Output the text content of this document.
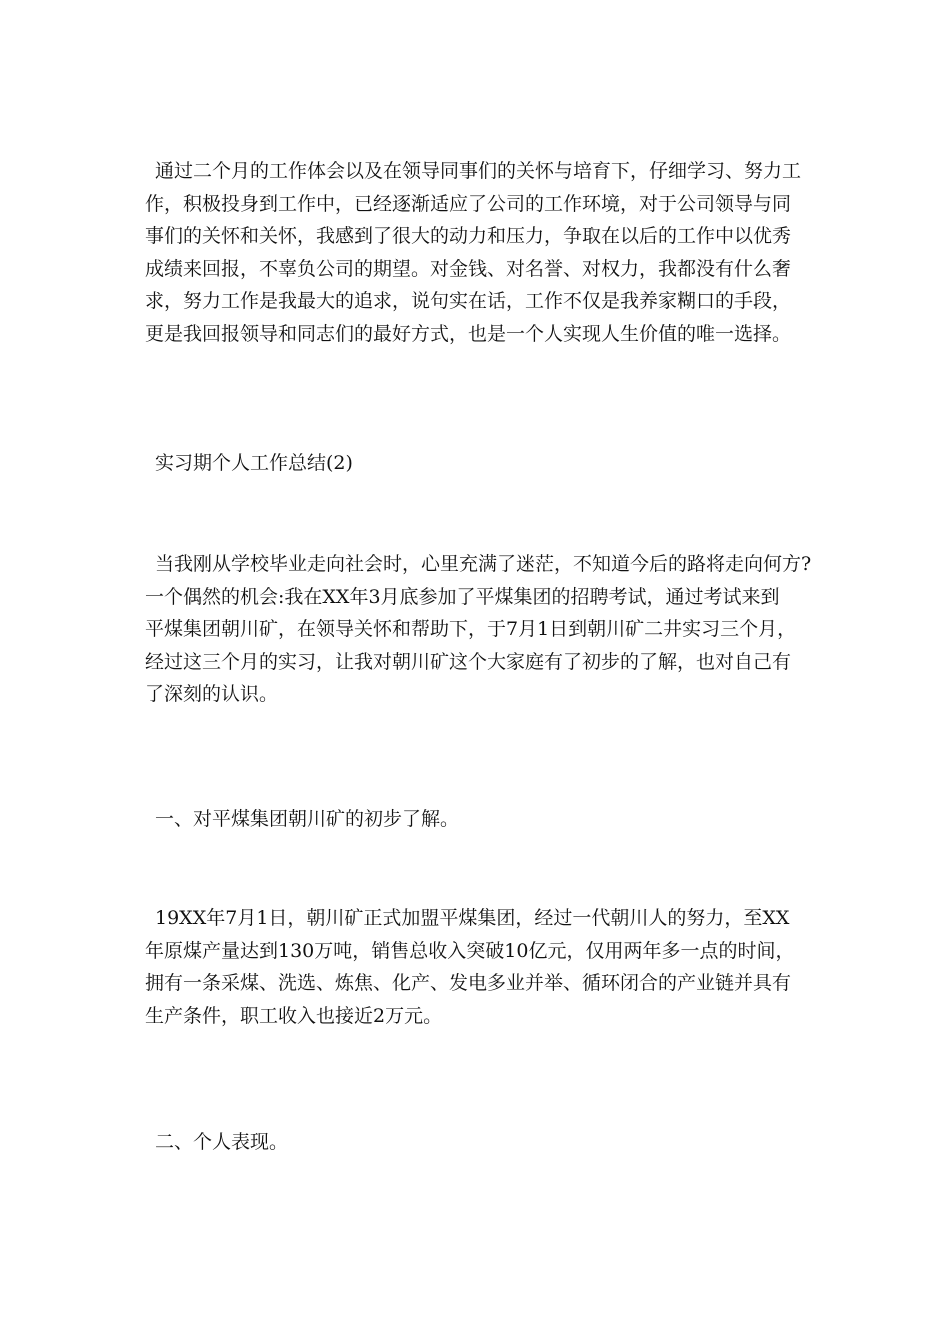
通过二个月的工作体会以及在领导同事们的关怀与培育下，仔细学习、努力工
作，积极投身到工作中，已经逐渐适应了公司的工作环境，对于公司领导与同
事们的关怀和关怀，我感到了很大的动力和压力，争取在以后的工作中以优秀
成绩来回报，不辜负公司的期望。对金钱、对名誉、对权力，我都没有什么奢
求，努力工作是我最大的追求，说句实在话，工作不仅是我养家糊口的手段，
更是我回报领导和同志们的最好方式，也是一个人实现人生价值的唯一选择。
实习期个人工作总结(2)
当我刚从学校毕业走向社会时，心里充满了迷茫，不知道今后的路将走向何方?
一个偶然的机会:我在XX年3月底参加了平煤集团的招聘考试，通过考试来到
平煤集团朝川矿，在领导关怀和帮助下，于7月1日到朝川矿二井实习三个月，
经过这三个月的实习，让我对朝川矿这个大家庭有了初步的了解，也对自己有
了深刻的认识。
一、对平煤集团朝川矿的初步了解。
19XX年7月1日，朝川矿正式加盟平煤集团，经过一代朝川人的努力，至XX
年原煤产量达到130万吨，销售总收入突破10亿元，仅用两年多一点的时间，
拥有一条采煤、洗选、炼焦、化产、发电多业并举、循环闭合的产业链并具有
生产条件，职工收入也接近2万元。
二、个人表现。
